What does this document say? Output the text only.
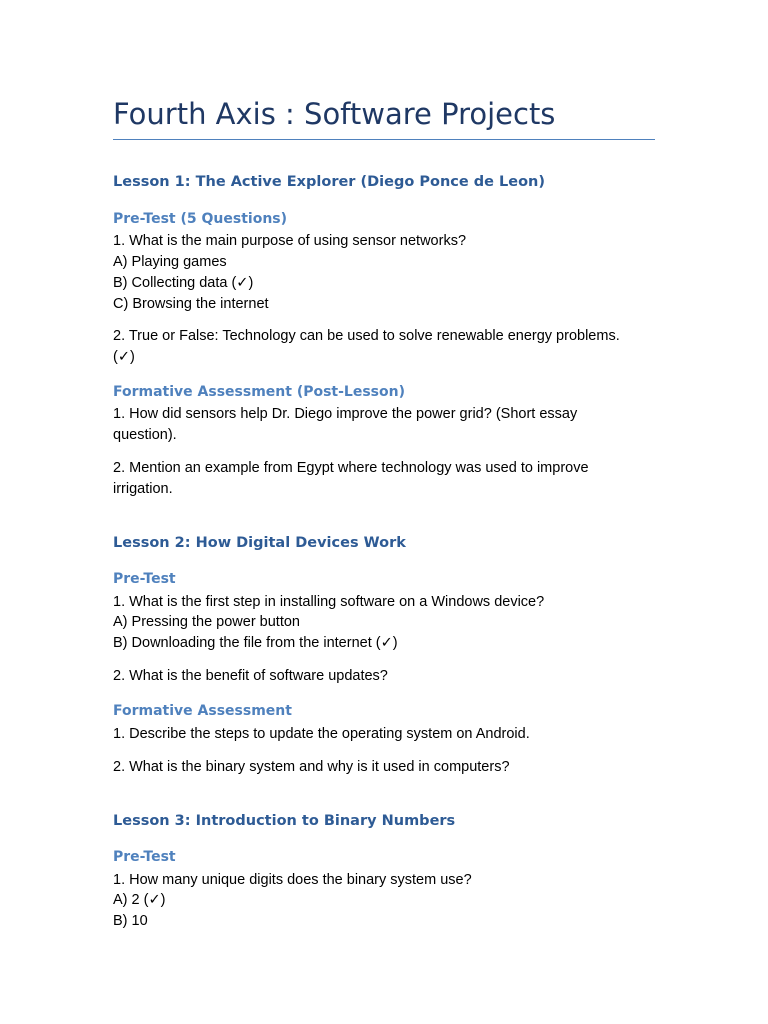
Fourth Axis : Software Projects
Lesson 1: The Active Explorer (Diego Ponce de Leon)
Pre-Test (5 Questions)
1. What is the main purpose of using sensor networks?
A) Playing games
B) Collecting data (✓)
C) Browsing the internet
2. True or False: Technology can be used to solve renewable energy problems.
(✓)
Formative Assessment (Post-Lesson)
1. How did sensors help Dr. Diego improve the power grid? (Short essay
question).
2. Mention an example from Egypt where technology was used to improve
irrigation.
Lesson 2: How Digital Devices Work
Pre-Test
1. What is the first step in installing software on a Windows device?
A) Pressing the power button
B) Downloading the file from the internet (✓)
2. What is the benefit of software updates?
Formative Assessment
1. Describe the steps to update the operating system on Android.
2. What is the binary system and why is it used in computers?
Lesson 3: Introduction to Binary Numbers
Pre-Test
1. How many unique digits does the binary system use?
A) 2 (✓)
B) 10
